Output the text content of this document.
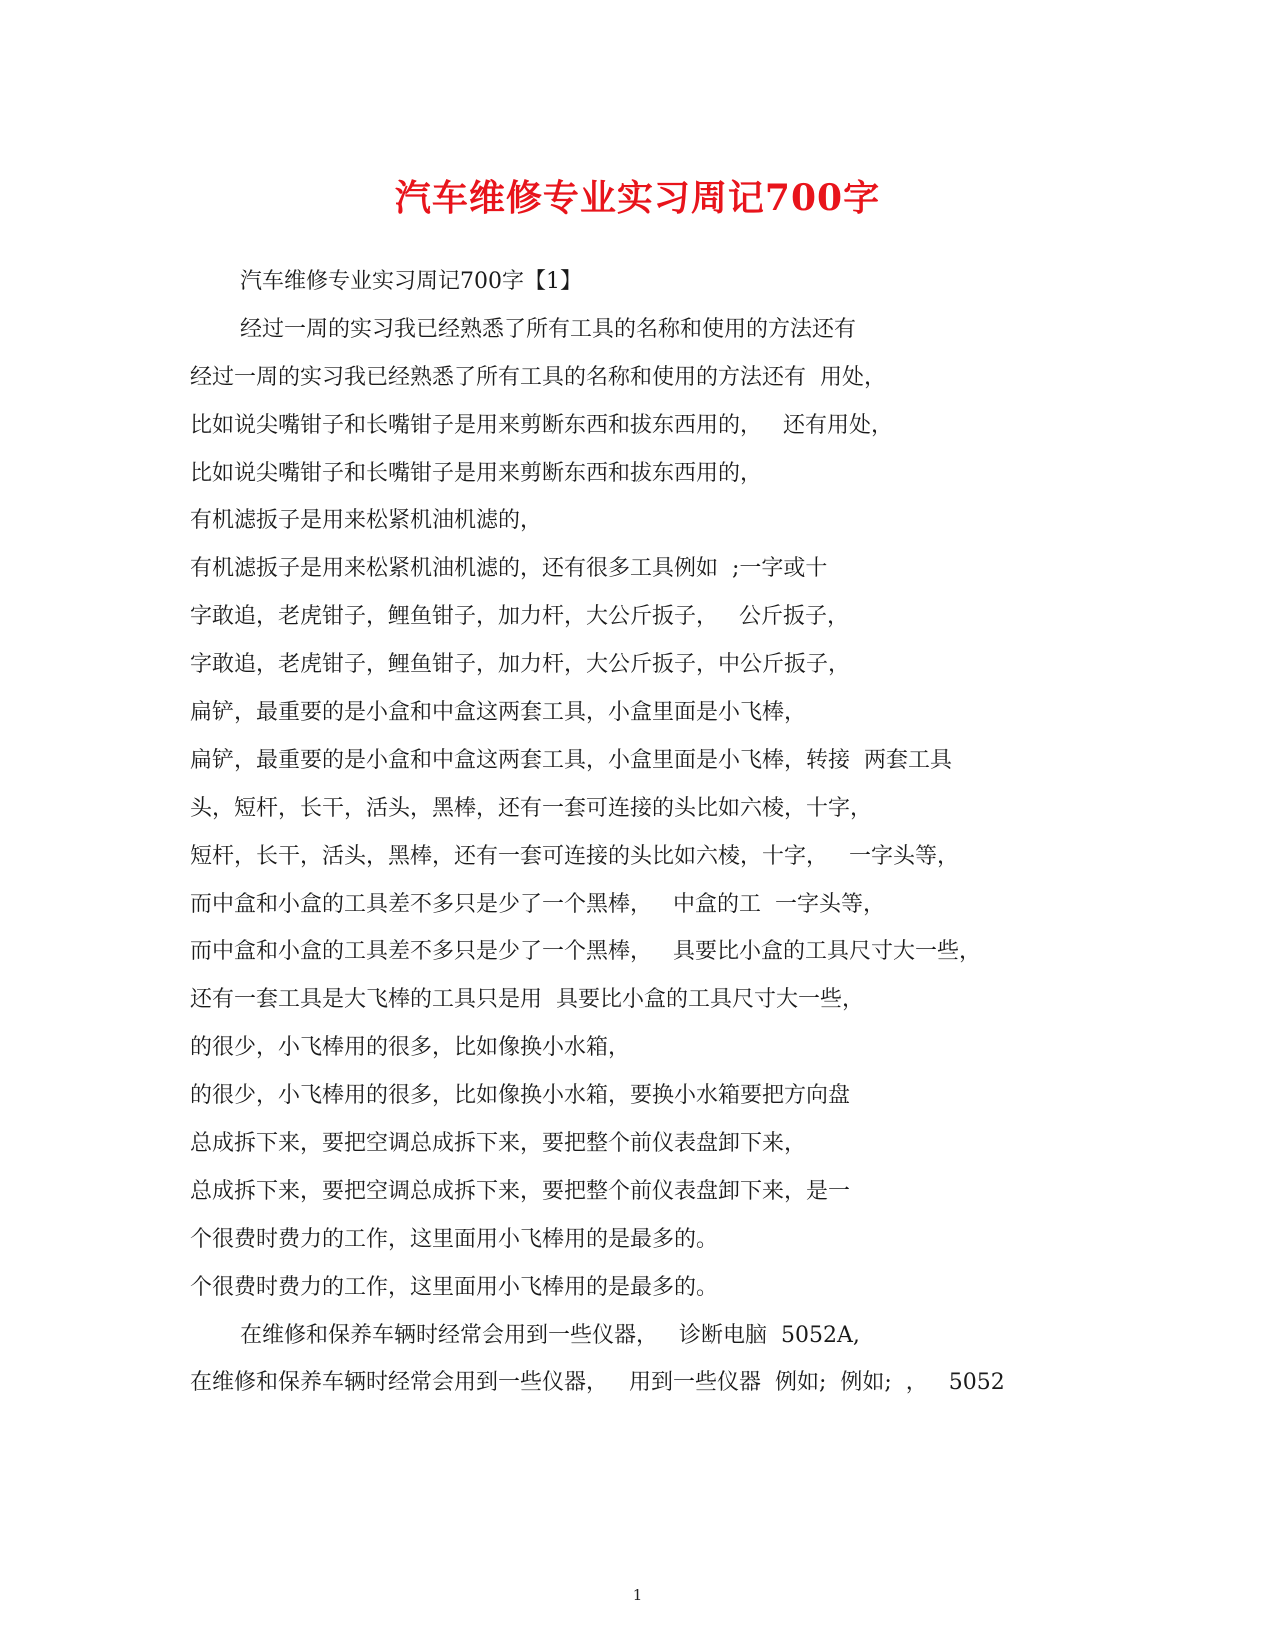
汽车维修专业实习周记700字
汽车维修专业实习周记700字【1】
经过一周的实习我已经熟悉了所有工具的名称和使用的方法还有
经过一周的实习我已经熟悉了所有工具的名称和使用的方法还有  用处，
比如说尖嘴钳子和长嘴钳子是用来剪断东西和拔东西用的，   还有用处，
比如说尖嘴钳子和长嘴钳子是用来剪断东西和拔东西用的，
有机滤扳子是用来松紧机油机滤的，
有机滤扳子是用来松紧机油机滤的，还有很多工具例如  ;一字或十
字敢追，老虎钳子，鲤鱼钳子，加力杆，大公斤扳子，   公斤扳子，
字敢追，老虎钳子，鲤鱼钳子，加力杆，大公斤扳子，中公斤扳子，
扁铲，最重要的是小盒和中盒这两套工具，小盒里面是小飞棒，
扁铲，最重要的是小盒和中盒这两套工具，小盒里面是小飞棒，转接  两套工具
头，短杆，长干，活头，黑棒，还有一套可连接的头比如六棱，十字，
短杆，长干，活头，黑棒，还有一套可连接的头比如六棱，十字，   一字头等，
而中盒和小盒的工具差不多只是少了一个黑棒，   中盒的工  一字头等，
而中盒和小盒的工具差不多只是少了一个黑棒，   具要比小盒的工具尺寸大一些，
还有一套工具是大飞棒的工具只是用  具要比小盒的工具尺寸大一些，
的很少，小飞棒用的很多，比如像换小水箱，
的很少，小飞棒用的很多，比如像换小水箱，要换小水箱要把方向盘
总成拆下来，要把空调总成拆下来，要把整个前仪表盘卸下来，
总成拆下来，要把空调总成拆下来，要把整个前仪表盘卸下来，是一
个很费时费力的工作，这里面用小飞棒用的是最多的。
个很费时费力的工作，这里面用小飞棒用的是最多的。
在维修和保养车辆时经常会用到一些仪器，   诊断电脑  5052A,
在维修和保养车辆时经常会用到一些仪器，   用到一些仪器  例如;  例如;  ，   5052
1
